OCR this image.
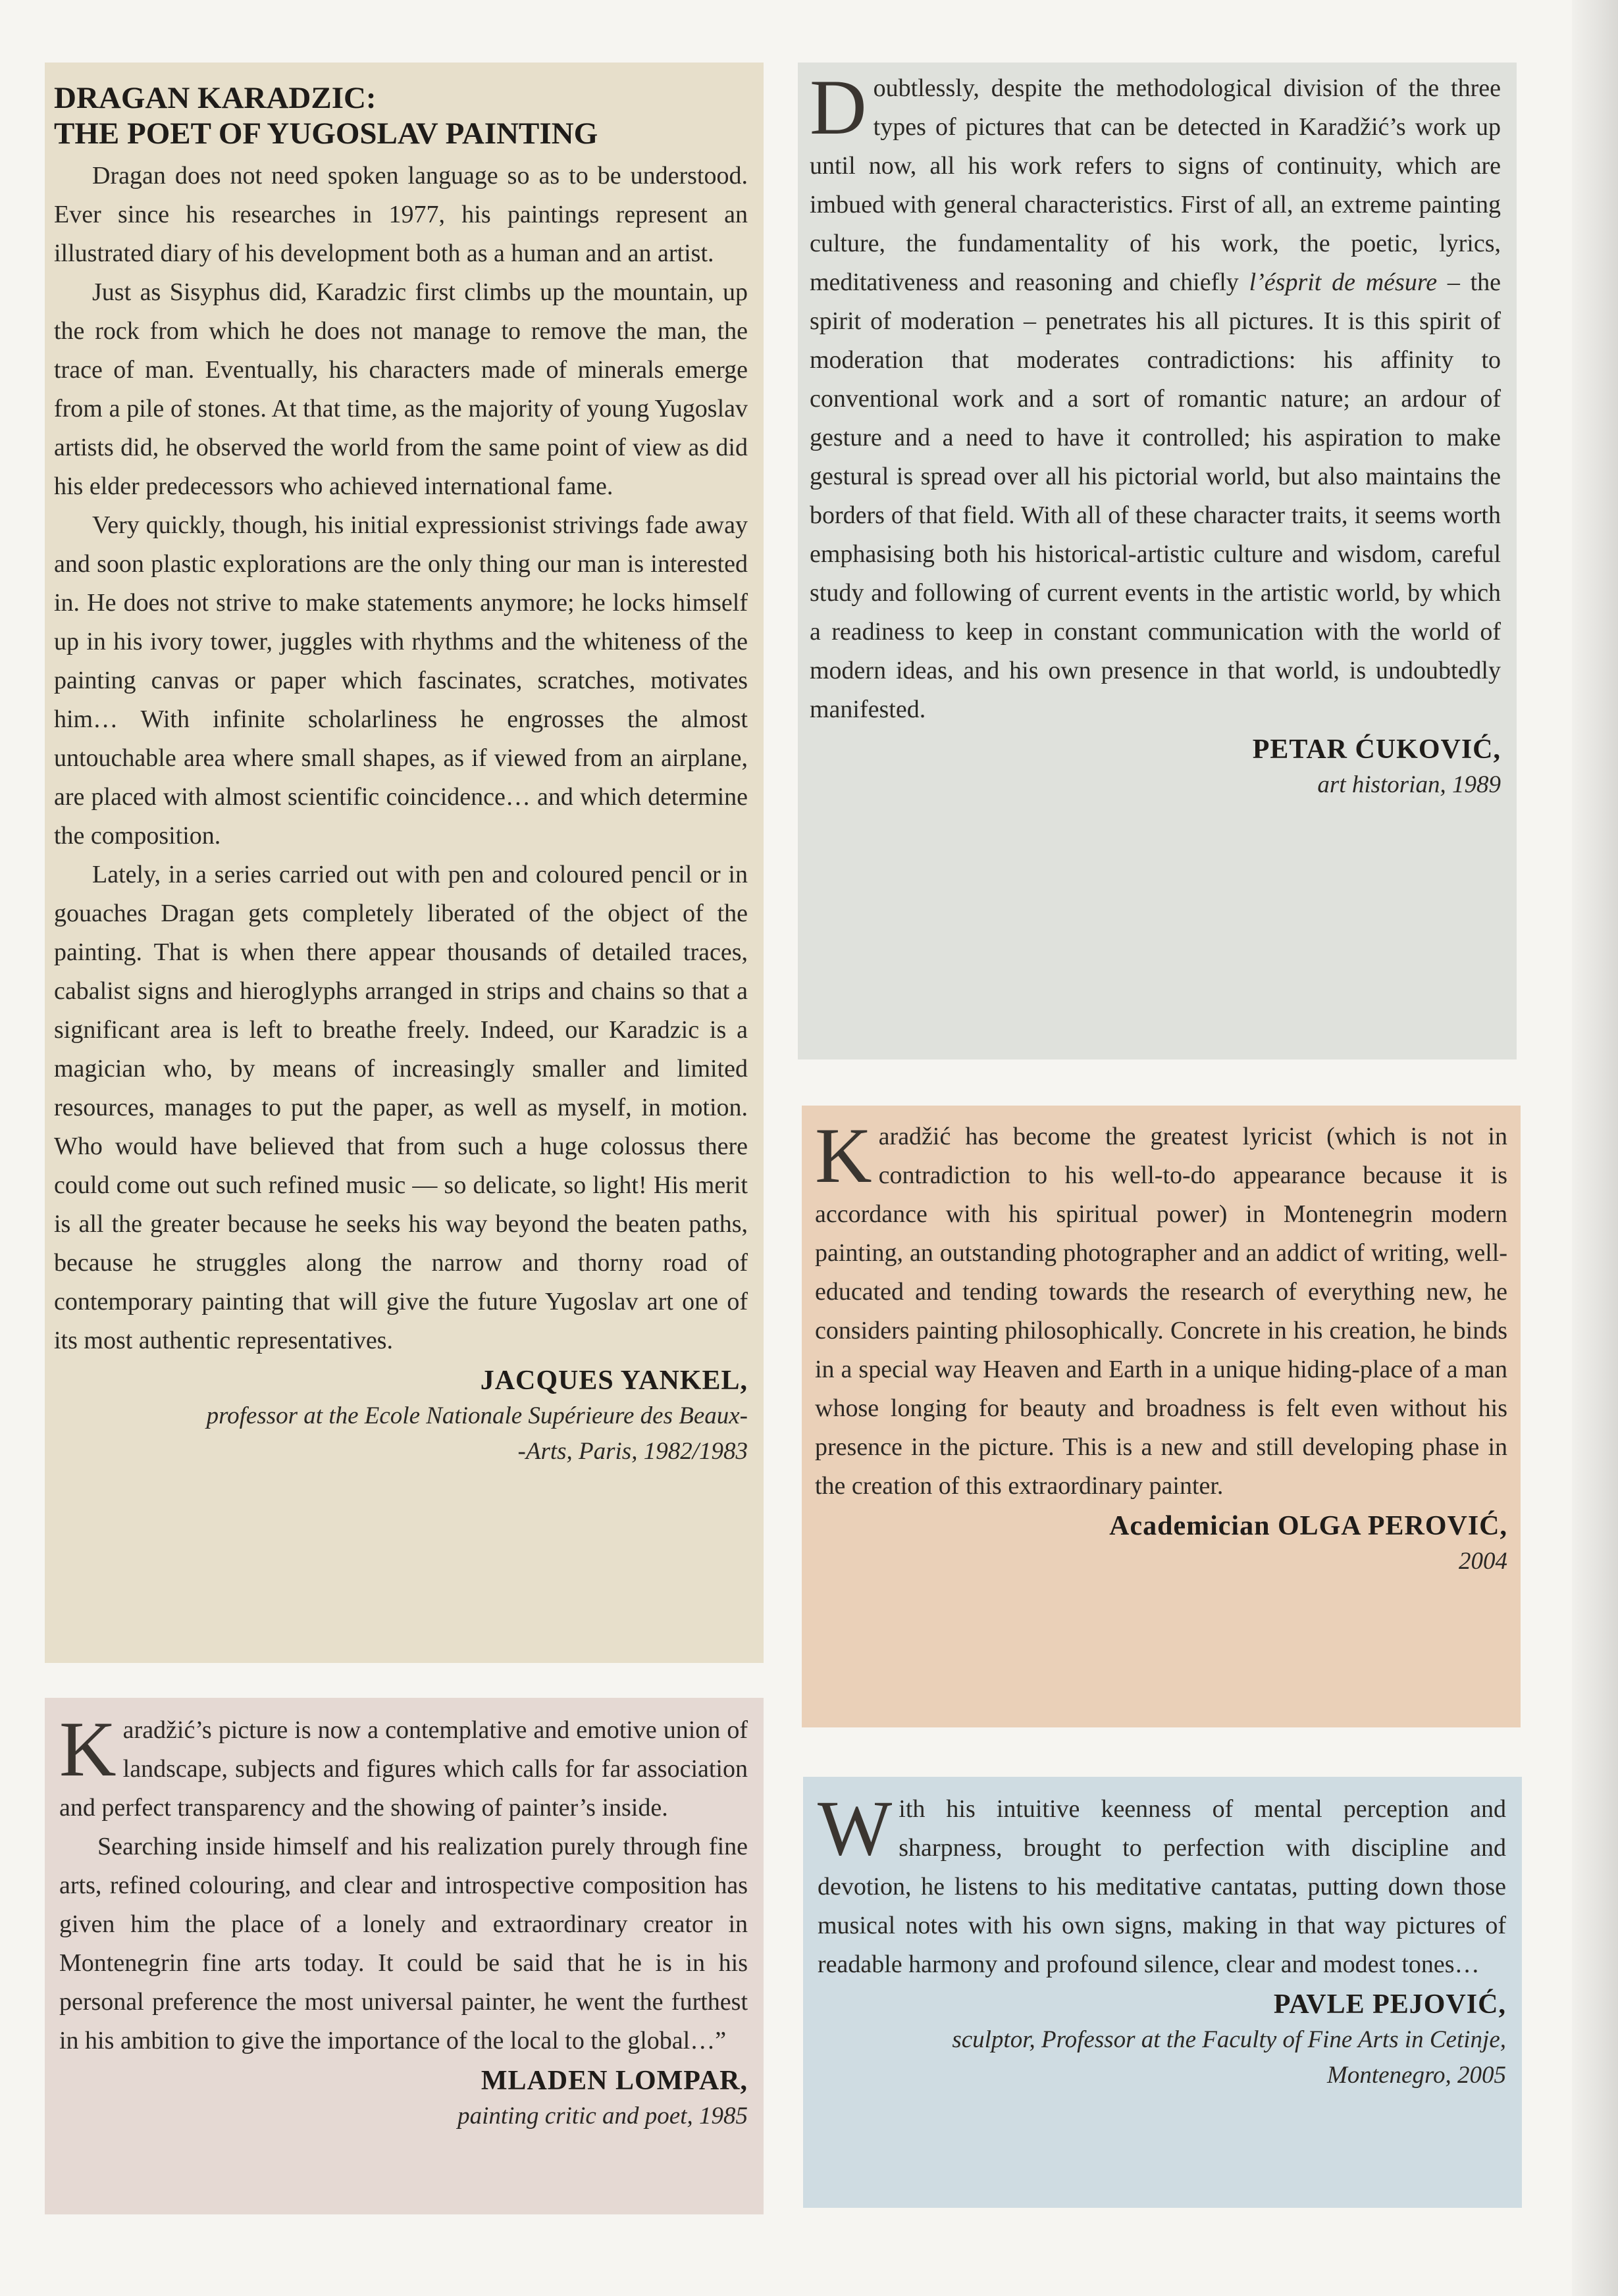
DRAGAN KARADZIC:
THE POET OF YUGOSLAV PAINTING

Dragan does not need spoken language so as to be understood. Ever since his researches in 1977, his paintings represent an illustrated diary of his development both as a human and an artist.

Just as Sisyphus did, Karadzic first climbs up the mountain, up the rock from which he does not manage to remove the man, the trace of man. Eventually, his characters made of minerals emerge from a pile of stones. At that time, as the majority of young Yugoslav artists did, he observed the world from the same point of view as did his elder predecessors who achieved international fame.

Very quickly, though, his initial expressionist strivings fade away and soon plastic explorations are the only thing our man is interested in. He does not strive to make statements anymore; he locks himself up in his ivory tower, juggles with rhythms and the whiteness of the painting canvas or paper which fascinates, scratches, motivates him… With infinite scholarliness he engrosses the almost untouchable area where small shapes, as if viewed from an airplane, are placed with almost scientific coincidence… and which determine the composition.

Lately, in a series carried out with pen and coloured pencil or in gouaches Dragan gets completely liberated of the object of the painting. That is when there appear thousands of detailed traces, cabalist signs and hieroglyphs arranged in strips and chains so that a significant area is left to breathe freely. Indeed, our Karadzic is a magician who, by means of increasingly smaller and limited resources, manages to put the paper, as well as myself, in motion. Who would have believed that from such a huge colossus there could come out such refined music — so delicate, so light! His merit is all the greater because he seeks his way beyond the beaten paths, because he struggles along the narrow and thorny road of contemporary painting that will give the future Yugoslav art one of its most authentic representatives.

JACQUES YANKEL,
professor at the Ecole Nationale Supérieure des Beaux-
-Arts, Paris, 1982/1983

Doubtlessly, despite the methodological division of the three types of pictures that can be detected in Karadžić’s work up until now, all his work refers to signs of continuity, which are imbued with general characteristics. First of all, an extreme painting culture, the fundamentality of his work, the poetic, lyrics, meditativeness and reasoning and chiefly l’ésprit de mésure – the spirit of moderation – penetrates his all pictures. It is this spirit of moderation that moderates contradictions: his affinity to conventional work and a sort of romantic nature; an ardour of gesture and a need to have it controlled; his aspiration to make gestural is spread over all his pictorial world, but also maintains the borders of that field. With all of these character traits, it seems worth emphasising both his historical-artistic culture and wisdom, careful study and following of current events in the artistic world, by which a readiness to keep in constant communication with the world of modern ideas, and his own presence in that world, is undoubtedly manifested.

PETAR ĆUKOVIĆ,
art historian, 1989

Karadžić has become the greatest lyricist (which is not in contradiction to his well-to-do appearance because it is accordance with his spiritual power) in Montenegrin modern painting, an outstanding photographer and an addict of writing, well-educated and tending towards the research of everything new, he considers painting philosophically. Concrete in his creation, he binds in a special way Heaven and Earth in a unique hiding-place of a man whose longing for beauty and broadness is felt even without his presence in the picture. This is a new and still developing phase in the creation of this extraordinary painter.

Academician OLGA PEROVIĆ,
2004

Karadžić’s picture is now a contemplative and emotive union of landscape, subjects and figures which calls for far association and perfect transparency and the showing of painter’s inside.

Searching inside himself and his realization purely through fine arts, refined colouring, and clear and introspective composition has given him the place of a lonely and extraordinary creator in Montenegrin fine arts today. It could be said that he is in his personal preference the most universal painter, he went the furthest in his ambition to give the importance of the local to the global…”

MLADEN LOMPAR,
painting critic and poet, 1985

With his intuitive keenness of mental perception and sharpness, brought to perfection with discipline and devotion, he listens to his meditative cantatas, putting down those musical notes with his own signs, making in that way pictures of readable harmony and profound silence, clear and modest tones…

PAVLE PEJOVIĆ,
sculptor, Professor at the Faculty of Fine Arts in Cetinje,
Montenegro, 2005
